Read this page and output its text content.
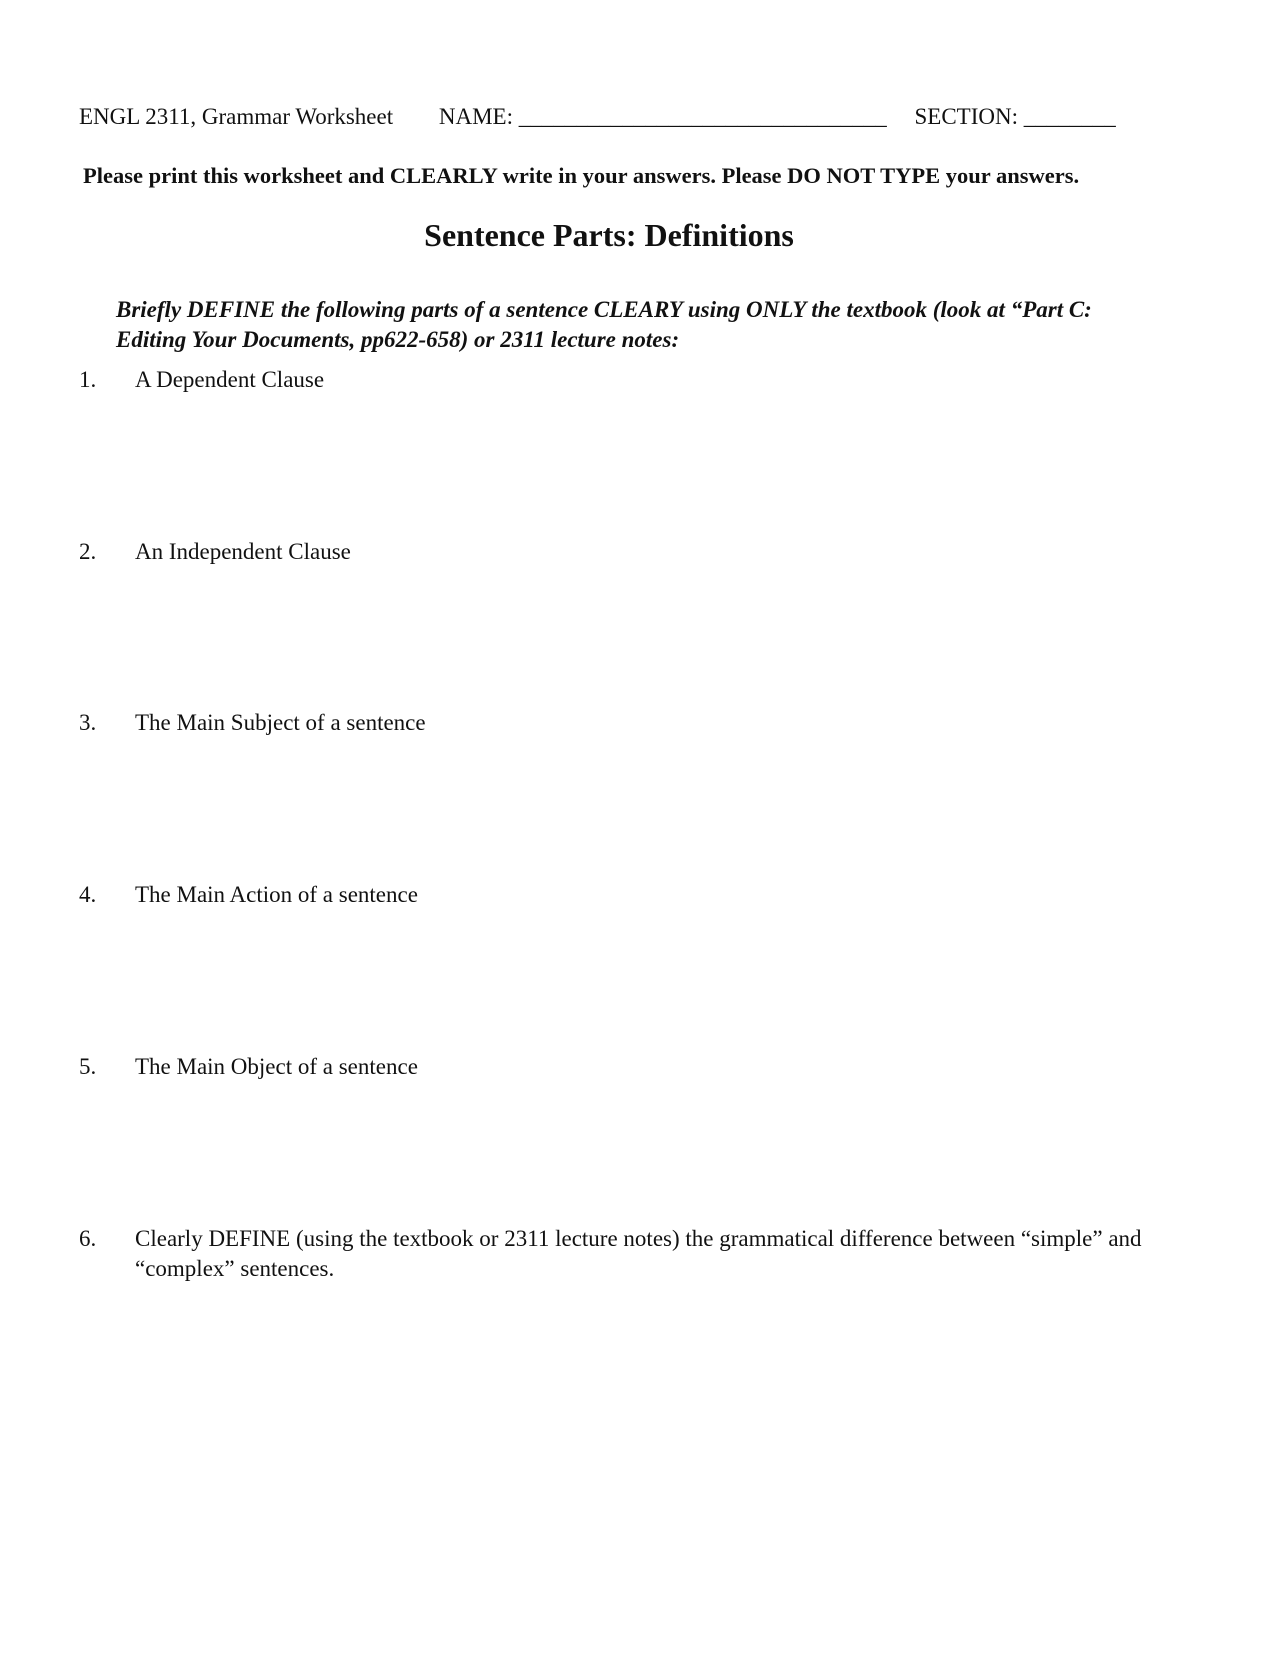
ENGL 2311, Grammar Worksheet NAME: ________________________________ SECTION: ________
Please print this worksheet and CLEARLY write in your answers. Please DO NOT TYPE your answers.
Sentence Parts: Definitions
Briefly DEFINE the following parts of a sentence CLEARY using ONLY the textbook (look at “Part C: Editing Your Documents, pp622-658) or 2311 lecture notes:
1. A Dependent Clause
2. An Independent Clause
3. The Main Subject of a sentence
4. The Main Action of a sentence
5. The Main Object of a sentence
6. Clearly DEFINE (using the textbook or 2311 lecture notes) the grammatical difference between “simple” and “complex” sentences.
